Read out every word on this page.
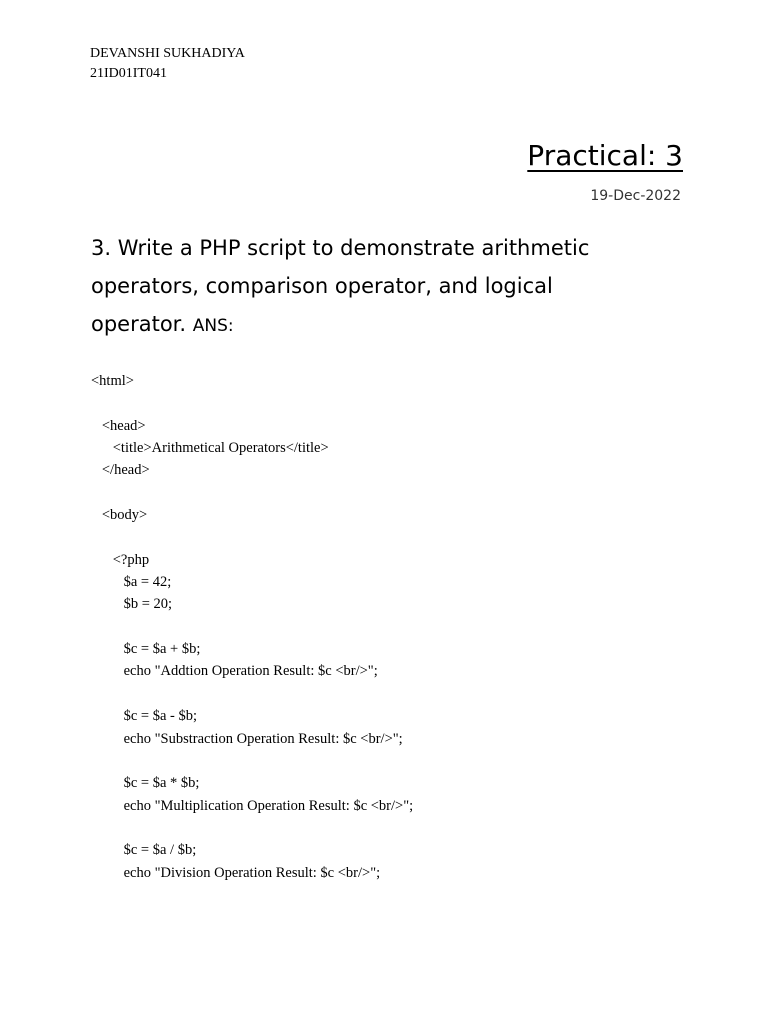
DEVANSHI SUKHADIYA
21ID01IT041
Practical: 3
19-Dec-2022
3. Write a PHP script to demonstrate arithmetic operators, comparison operator, and logical operator. ANS:
<html>
<head>
<title>Arithmetical Operators</title>
</head>
<body>
<?php
$a = 42;
$b = 20;
$c = $a + $b;
echo "Addtion Operation Result: $c <br/>";
$c = $a - $b;
echo "Substraction Operation Result: $c <br/>";
$c = $a * $b;
echo "Multiplication Operation Result: $c <br/>";
$c = $a / $b;
echo "Division Operation Result: $c <br/>";
